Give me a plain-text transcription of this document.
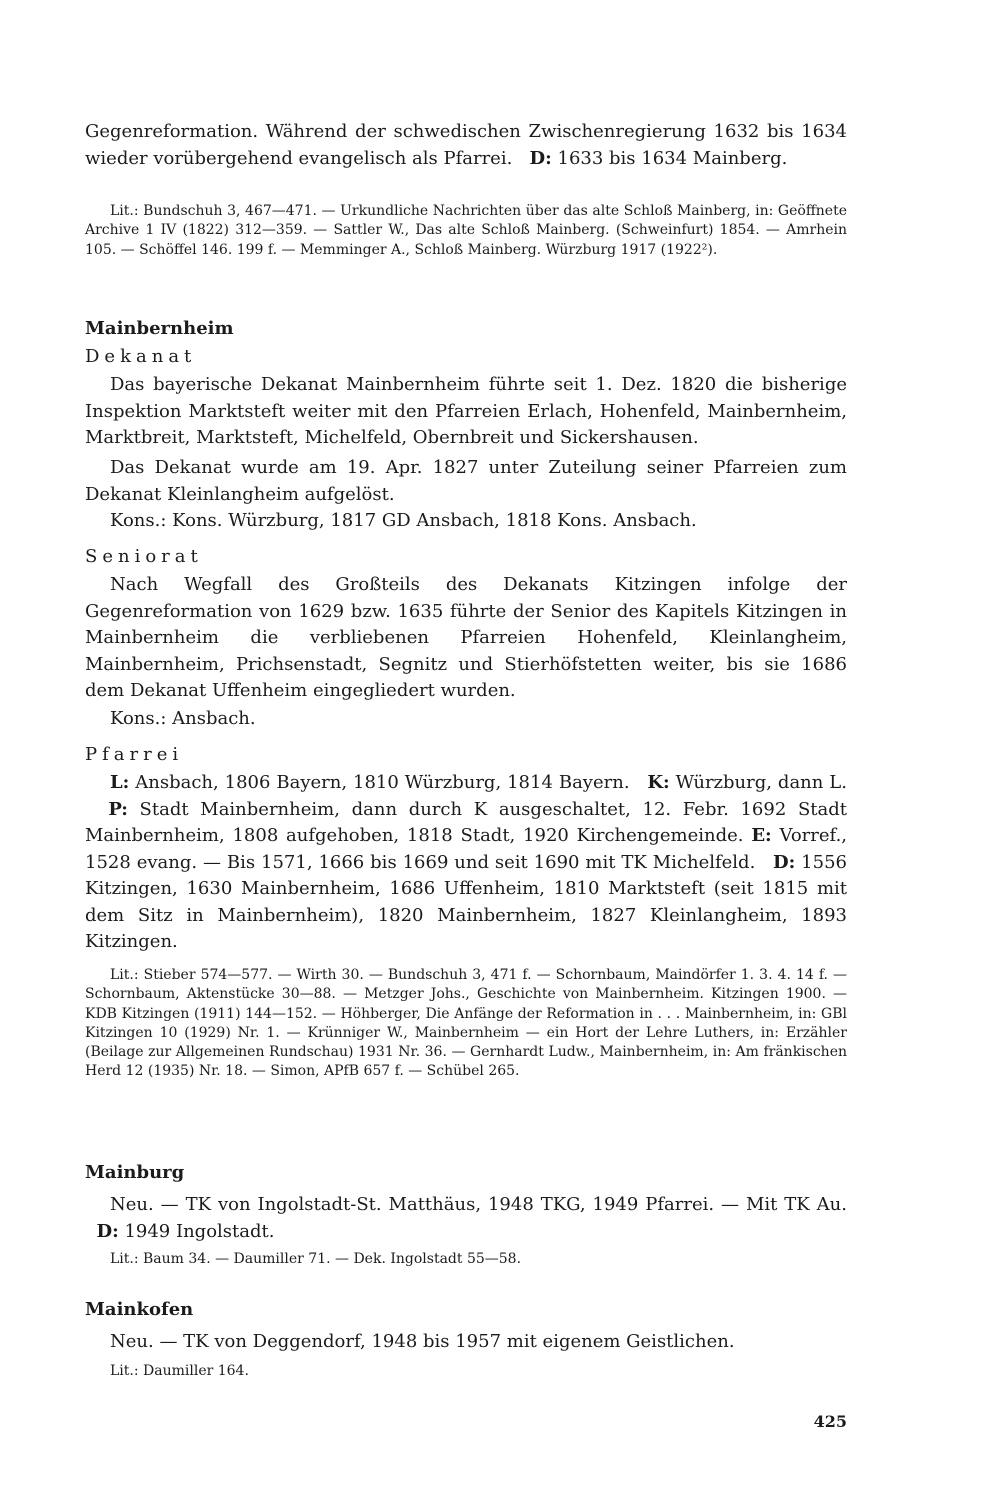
Gegenreformation. Während der schwedischen Zwischenregierung 1632 bis 1634 wieder vorübergehend evangelisch als Pfarrei. D: 1633 bis 1634 Mainberg.

Lit.: Bundschuh 3, 467—471. — Urkundliche Nachrichten über das alte Schloß Mainberg, in: Geöffnete Archive 1 IV (1822) 312—359. — Sattler W., Das alte Schloß Mainberg. (Schweinfurt) 1854. — Amrhein 105. — Schöffel 146. 199 f. — Memminger A., Schloß Mainberg. Würzburg 1917 (1922²).

Mainbernheim
Dekanat

Das bayerische Dekanat Mainbernheim führte seit 1. Dez. 1820 die bisherige Inspektion Marktsteft weiter mit den Pfarreien Erlach, Hohenfeld, Mainbernheim, Marktbreit, Marktsteft, Michelfeld, Obernbreit und Sickershausen.

Das Dekanat wurde am 19. Apr. 1827 unter Zuteilung seiner Pfarreien zum Dekanat Kleinlangheim aufgelöst.

Kons.: Kons. Würzburg, 1817 GD Ansbach, 1818 Kons. Ansbach.

Seniorat

Nach Wegfall des Großteils des Dekanats Kitzingen infolge der Gegenreformation von 1629 bzw. 1635 führte der Senior des Kapitels Kitzingen in Mainbernheim die verbliebenen Pfarreien Hohenfeld, Kleinlangheim, Mainbernheim, Prichsenstadt, Segnitz und Stierhöfstetten weiter, bis sie 1686 dem Dekanat Uffenheim eingegliedert wurden.

Kons.: Ansbach.

Pfarrei

L: Ansbach, 1806 Bayern, 1810 Würzburg, 1814 Bayern. K: Würzburg, dann L.   P: Stadt Mainbernheim, dann durch K ausgeschaltet, 12. Febr. 1692 Stadt Mainbernheim, 1808 aufgehoben, 1818 Stadt, 1920 Kirchengemeinde. E: Vorref., 1528 evang. — Bis 1571, 1666 bis 1669 und seit 1690 mit TK Michelfeld. D: 1556 Kitzingen, 1630 Mainbernheim, 1686 Uffenheim, 1810 Marktsteft (seit 1815 mit dem Sitz in Mainbernheim), 1820 Mainbernheim, 1827 Kleinlangheim, 1893 Kitzingen.

Lit.: Stieber 574—577. — Wirth 30. — Bundschuh 3, 471 f. — Schornbaum, Maindörfer 1. 3. 4. 14 f. — Schornbaum, Aktenstücke 30—88. — Metzger Johs., Geschichte von Mainbernheim. Kitzingen 1900. — KDB Kitzingen (1911) 144—152. — Höhberger, Die Anfänge der Reformation in . . . Mainbernheim, in: GBl Kitzingen 10 (1929) Nr. 1. — Krünniger W., Mainbernheim — ein Hort der Lehre Luthers, in: Erzähler (Beilage zur Allgemeinen Rundschau) 1931 Nr. 36. — Gernhardt Ludw., Mainbernheim, in: Am fränkischen Herd 12 (1935) Nr. 18. — Simon, APfB 657 f. — Schübel 265.

Mainburg

Neu. — TK von Ingolstadt-St. Matthäus, 1948 TKG, 1949 Pfarrei. — Mit TK Au.   D: 1949 Ingolstadt.

Lit.: Baum 34. — Daumiller 71. — Dek. Ingolstadt 55—58.

Mainkofen

Neu. — TK von Deggendorf, 1948 bis 1957 mit eigenem Geistlichen.

Lit.: Daumiller 164.

425
